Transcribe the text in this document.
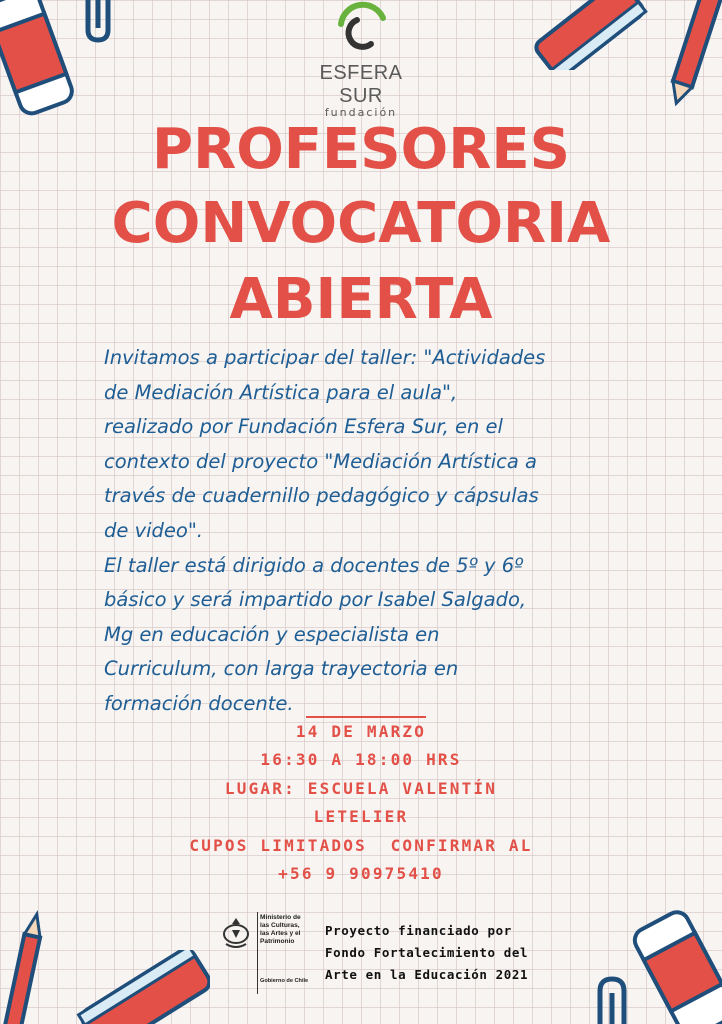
ESFERA SUR
fundación
PROFESORES
CONVOCATORIA
ABIERTA

Invitamos a participar del taller: "Actividades

de Mediación Artística para el aula",

realizado por Fundación Esfera Sur, en el

contexto del proyecto "Mediación Artística a

través de cuadernillo pedagógico y cápsulas

de video".

El taller está dirigido a docentes de 5º y 6º

básico y será impartido por Isabel Salgado,

Mg en educación y especialista en

Curriculum, con larga trayectoria en

formación docente.

14 DE MARZO
16:30 A 18:00 HRS
LUGAR: ESCUELA VALENTÍN
LETELIER
CUPOS LIMITADOS  CONFIRMAR AL
+56 9 90975410
Ministerio de
las Culturas,
las Artes y el
Patrimonio
Gobierno de Chile
Proyecto financiado por
Fondo Fortalecimiento del
Arte en la Educación 2021
